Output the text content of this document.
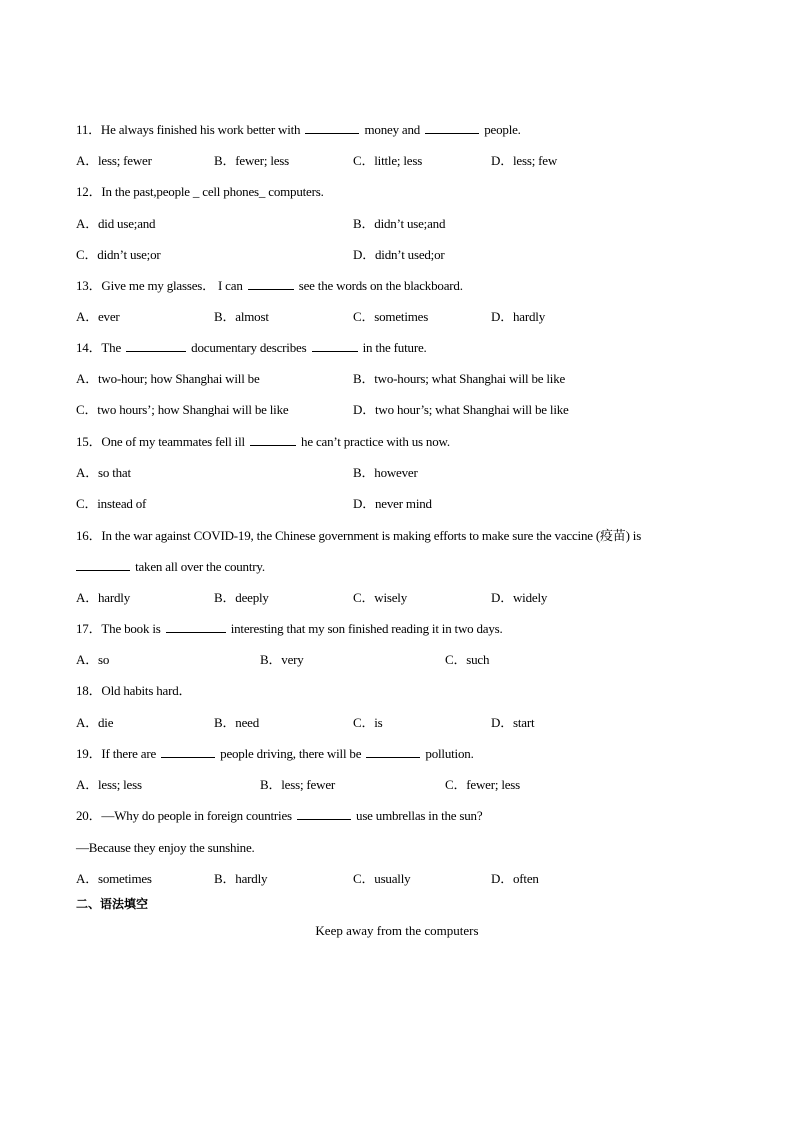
11．He always finished his work better with	money and	people.
A．less; fewer	B．fewer; less	C．little; less	D．less; few
12．In the past,people _ cell phones_ computers.
A．did use;and	B．didn’t use;and
C．didn’t use;or	D．didn’t used;or
13．Give me my glasses． I can	see the words on the blackboard.
A．ever	B．almost	C．sometimes	D．hardly
14．The	documentary describes	in the future.
A．two-hour; how Shanghai will be	B．two-hours; what Shanghai will be like
C．two hours’; how Shanghai will be like	D．two hour’s; what Shanghai will be like
15．One of my teammates fell ill	he can’t practice with us now.
A．so that	B．however
C．instead of	D．never mind
16．In the war against COVID-19, the Chinese government is making efforts to make sure the vaccine (疫苗) is
taken all over the country.
A．hardly	B．deeply	C．wisely	D．widely
17．The book is	interesting that my son finished reading it in two days.
A．so	B．very	C．such
18．Old habits hard．
A．die	B．need	C．is	D．start
19．If there are	people driving, there will be	pollution.
A．less; less	B．less; fewer	C．fewer; less
20．—Why do people in foreign countries	use umbrellas in the sun?
—Because they enjoy the sunshine.
A．sometimes	B．hardly	C．usually	D．often
二、语法填空
Keep away from the computers
